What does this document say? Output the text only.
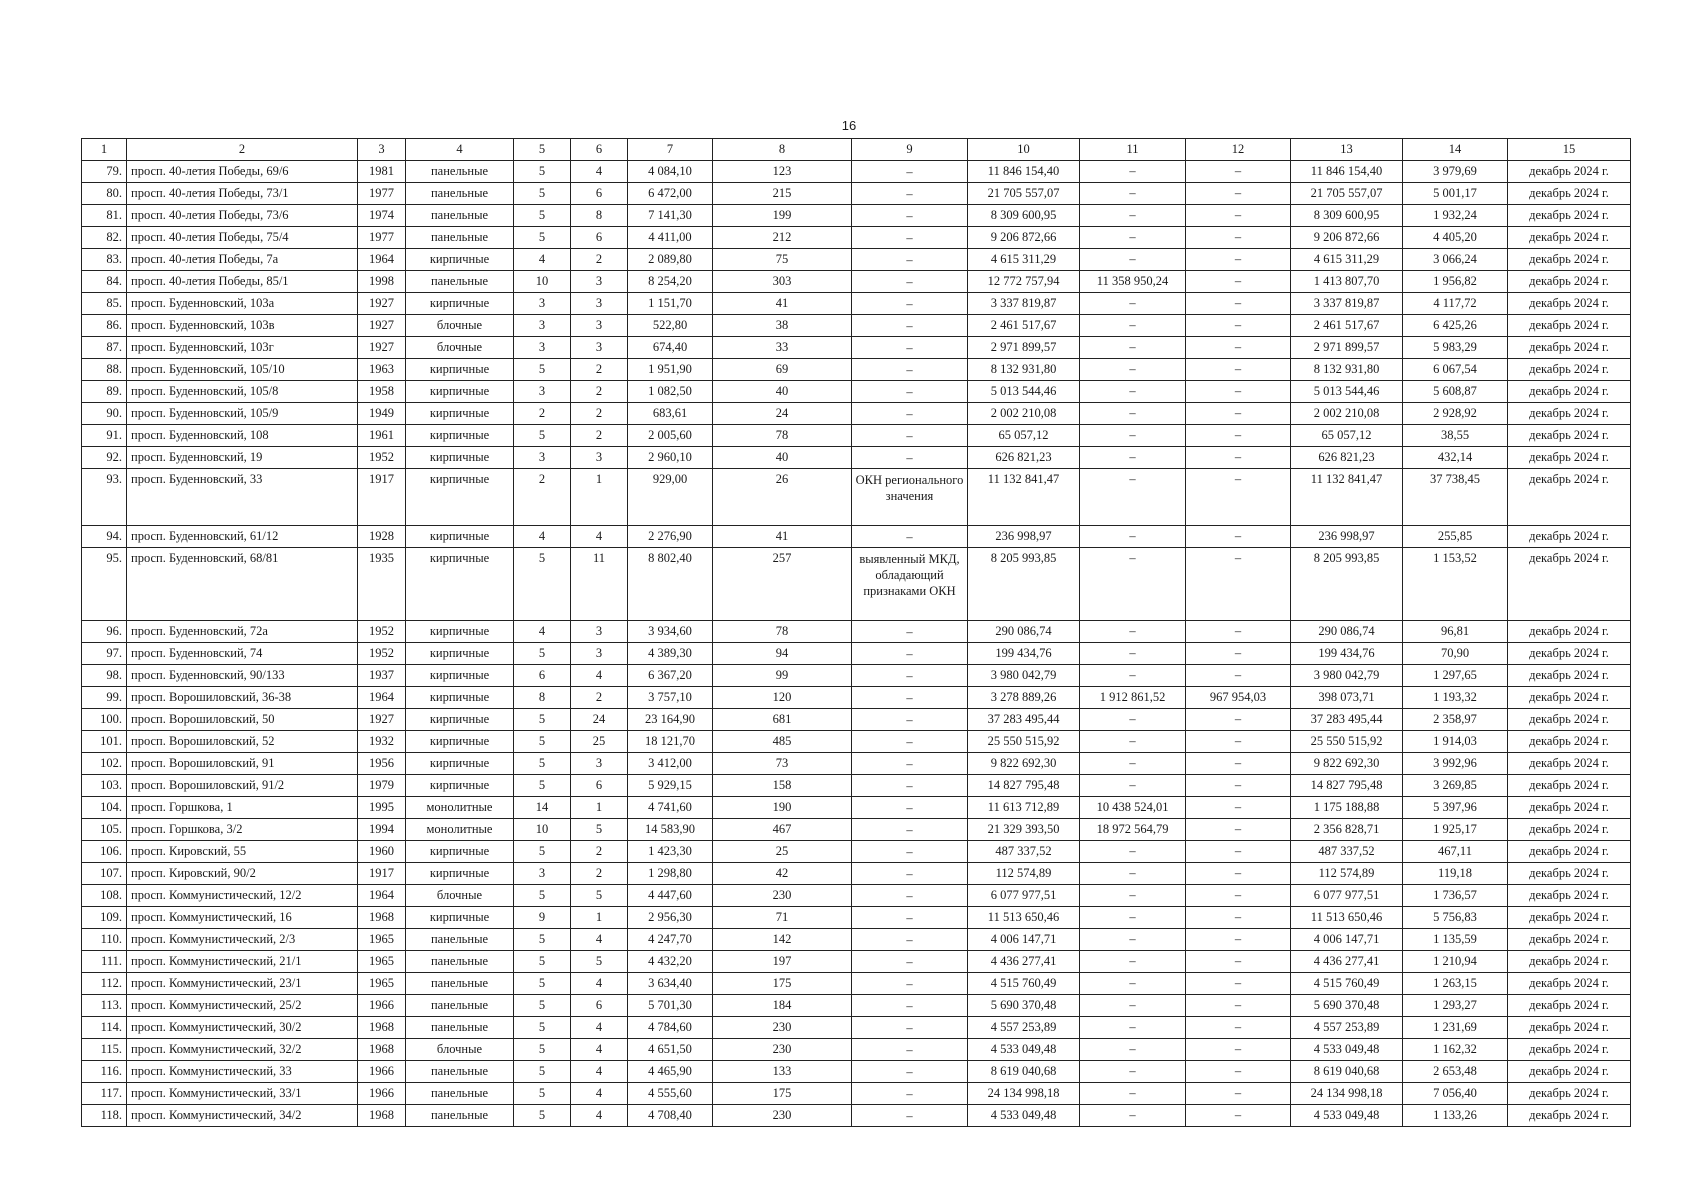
16
1	2	3	4	5	6	7	8	9	10	11	12	13	14	15
79.	просп. 40-летия Победы, 69/6	1981	панельные	5	4	4 084,10	123	–	11 846 154,40	–	–	11 846 154,40	3 979,69	декабрь 2024 г.
80.	просп. 40-летия Победы, 73/1	1977	панельные	5	6	6 472,00	215	–	21 705 557,07	–	–	21 705 557,07	5 001,17	декабрь 2024 г.
81.	просп. 40-летия Победы, 73/6	1974	панельные	5	8	7 141,30	199	–	8 309 600,95	–	–	8 309 600,95	1 932,24	декабрь 2024 г.
82.	просп. 40-летия Победы, 75/4	1977	панельные	5	6	4 411,00	212	–	9 206 872,66	–	–	9 206 872,66	4 405,20	декабрь 2024 г.
83.	просп. 40-летия Победы, 7а	1964	кирпичные	4	2	2 089,80	75	–	4 615 311,29	–	–	4 615 311,29	3 066,24	декабрь 2024 г.
84.	просп. 40-летия Победы, 85/1	1998	панельные	10	3	8 254,20	303	–	12 772 757,94	11 358 950,24	–	1 413 807,70	1 956,82	декабрь 2024 г.
85.	просп. Буденновский, 103а	1927	кирпичные	3	3	1 151,70	41	–	3 337 819,87	–	–	3 337 819,87	4 117,72	декабрь 2024 г.
86.	просп. Буденновский, 103в	1927	блочные	3	3	522,80	38	–	2 461 517,67	–	–	2 461 517,67	6 425,26	декабрь 2024 г.
87.	просп. Буденновский, 103г	1927	блочные	3	3	674,40	33	–	2 971 899,57	–	–	2 971 899,57	5 983,29	декабрь 2024 г.
88.	просп. Буденновский, 105/10	1963	кирпичные	5	2	1 951,90	69	–	8 132 931,80	–	–	8 132 931,80	6 067,54	декабрь 2024 г.
89.	просп. Буденновский, 105/8	1958	кирпичные	3	2	1 082,50	40	–	5 013 544,46	–	–	5 013 544,46	5 608,87	декабрь 2024 г.
90.	просп. Буденновский, 105/9	1949	кирпичные	2	2	683,61	24	–	2 002 210,08	–	–	2 002 210,08	2 928,92	декабрь 2024 г.
91.	просп. Буденновский, 108	1961	кирпичные	5	2	2 005,60	78	–	65 057,12	–	–	65 057,12	38,55	декабрь 2024 г.
92.	просп. Буденновский, 19	1952	кирпичные	3	3	2 960,10	40	–	626 821,23	–	–	626 821,23	432,14	декабрь 2024 г.
93.	просп. Буденновский, 33	1917	кирпичные	2	1	929,00	26	ОКН регионального значения	11 132 841,47	–	–	11 132 841,47	37 738,45	декабрь 2024 г.
94.	просп. Буденновский, 61/12	1928	кирпичные	4	4	2 276,90	41	–	236 998,97	–	–	236 998,97	255,85	декабрь 2024 г.
95.	просп. Буденновский, 68/81	1935	кирпичные	5	11	8 802,40	257	выявленный МКД, обладающий признаками ОКН	8 205 993,85	–	–	8 205 993,85	1 153,52	декабрь 2024 г.
96.	просп. Буденновский, 72а	1952	кирпичные	4	3	3 934,60	78	–	290 086,74	–	–	290 086,74	96,81	декабрь 2024 г.
97.	просп. Буденновский, 74	1952	кирпичные	5	3	4 389,30	94	–	199 434,76	–	–	199 434,76	70,90	декабрь 2024 г.
98.	просп. Буденновский, 90/133	1937	кирпичные	6	4	6 367,20	99	–	3 980 042,79	–	–	3 980 042,79	1 297,65	декабрь 2024 г.
99.	просп. Ворошиловский, 36-38	1964	кирпичные	8	2	3 757,10	120	–	3 278 889,26	1 912 861,52	967 954,03	398 073,71	1 193,32	декабрь 2024 г.
100.	просп. Ворошиловский, 50	1927	кирпичные	5	24	23 164,90	681	–	37 283 495,44	–	–	37 283 495,44	2 358,97	декабрь 2024 г.
101.	просп. Ворошиловский, 52	1932	кирпичные	5	25	18 121,70	485	–	25 550 515,92	–	–	25 550 515,92	1 914,03	декабрь 2024 г.
102.	просп. Ворошиловский, 91	1956	кирпичные	5	3	3 412,00	73	–	9 822 692,30	–	–	9 822 692,30	3 992,96	декабрь 2024 г.
103.	просп. Ворошиловский, 91/2	1979	кирпичные	5	6	5 929,15	158	–	14 827 795,48	–	–	14 827 795,48	3 269,85	декабрь 2024 г.
104.	просп. Горшкова, 1	1995	монолитные	14	1	4 741,60	190	–	11 613 712,89	10 438 524,01	–	1 175 188,88	5 397,96	декабрь 2024 г.
105.	просп. Горшкова, 3/2	1994	монолитные	10	5	14 583,90	467	–	21 329 393,50	18 972 564,79	–	2 356 828,71	1 925,17	декабрь 2024 г.
106.	просп. Кировский, 55	1960	кирпичные	5	2	1 423,30	25	–	487 337,52	–	–	487 337,52	467,11	декабрь 2024 г.
107.	просп. Кировский, 90/2	1917	кирпичные	3	2	1 298,80	42	–	112 574,89	–	–	112 574,89	119,18	декабрь 2024 г.
108.	просп. Коммунистический, 12/2	1964	блочные	5	5	4 447,60	230	–	6 077 977,51	–	–	6 077 977,51	1 736,57	декабрь 2024 г.
109.	просп. Коммунистический, 16	1968	кирпичные	9	1	2 956,30	71	–	11 513 650,46	–	–	11 513 650,46	5 756,83	декабрь 2024 г.
110.	просп. Коммунистический, 2/3	1965	панельные	5	4	4 247,70	142	–	4 006 147,71	–	–	4 006 147,71	1 135,59	декабрь 2024 г.
111.	просп. Коммунистический, 21/1	1965	панельные	5	5	4 432,20	197	–	4 436 277,41	–	–	4 436 277,41	1 210,94	декабрь 2024 г.
112.	просп. Коммунистический, 23/1	1965	панельные	5	4	3 634,40	175	–	4 515 760,49	–	–	4 515 760,49	1 263,15	декабрь 2024 г.
113.	просп. Коммунистический, 25/2	1966	панельные	5	6	5 701,30	184	–	5 690 370,48	–	–	5 690 370,48	1 293,27	декабрь 2024 г.
114.	просп. Коммунистический, 30/2	1968	панельные	5	4	4 784,60	230	–	4 557 253,89	–	–	4 557 253,89	1 231,69	декабрь 2024 г.
115.	просп. Коммунистический, 32/2	1968	блочные	5	4	4 651,50	230	–	4 533 049,48	–	–	4 533 049,48	1 162,32	декабрь 2024 г.
116.	просп. Коммунистический, 33	1966	панельные	5	4	4 465,90	133	–	8 619 040,68	–	–	8 619 040,68	2 653,48	декабрь 2024 г.
117.	просп. Коммунистический, 33/1	1966	панельные	5	4	4 555,60	175	–	24 134 998,18	–	–	24 134 998,18	7 056,40	декабрь 2024 г.
118.	просп. Коммунистический, 34/2	1968	панельные	5	4	4 708,40	230	–	4 533 049,48	–	–	4 533 049,48	1 133,26	декабрь 2024 г.
